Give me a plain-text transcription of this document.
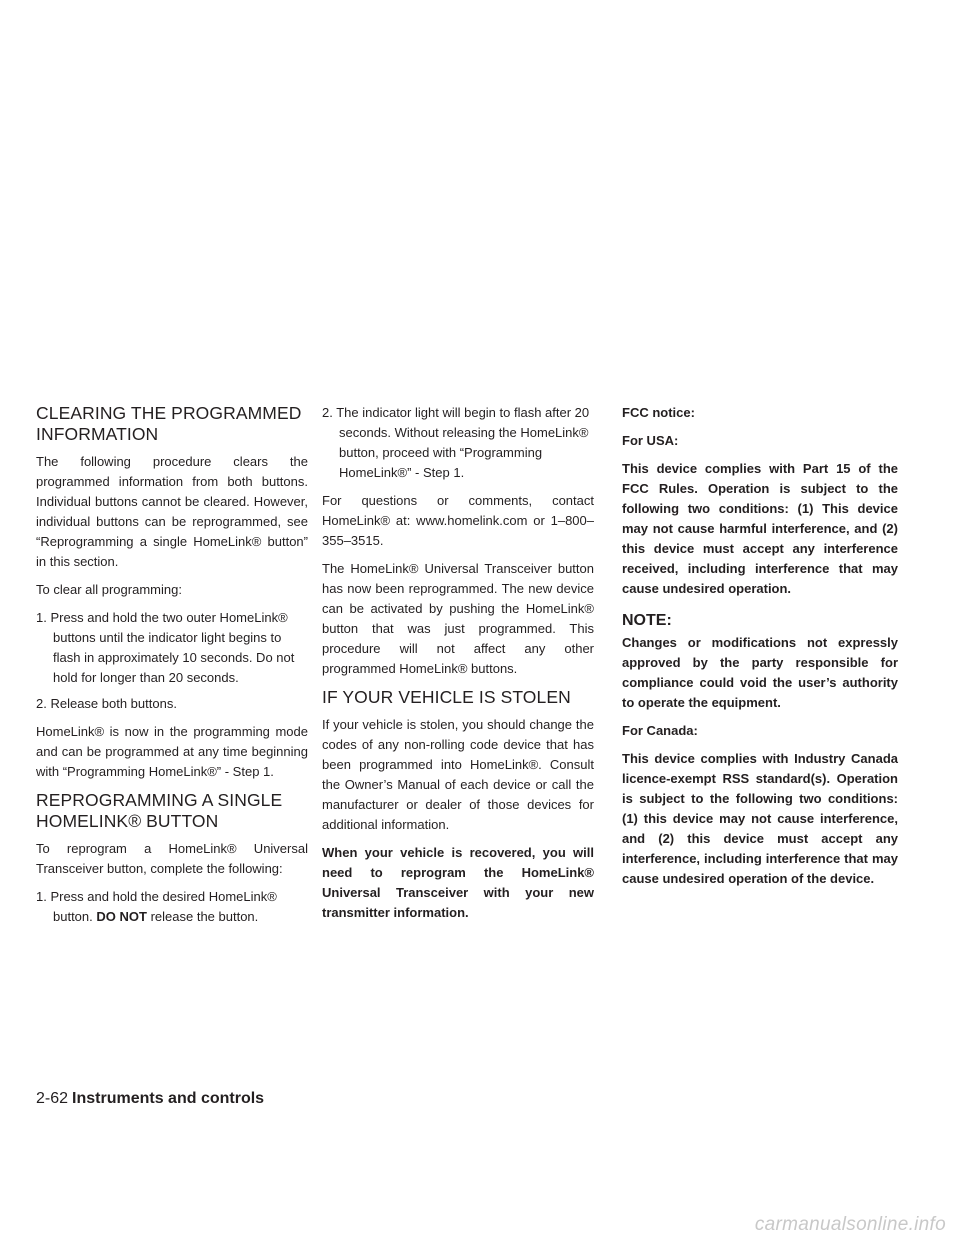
CLEARING THE PROGRAMMED INFORMATION

The following procedure clears the programmed information from both buttons. Individual buttons cannot be cleared. However, individual buttons can be reprogrammed, see “Reprogramming a single HomeLink® button” in this section.

To clear all programming:

1. Press and hold the two outer HomeLink® buttons until the indicator light begins to flash in approximately 10 seconds. Do not hold for longer than 20 seconds.
2. Release both buttons.

HomeLink® is now in the programming mode and can be programmed at any time beginning with “Programming HomeLink®” - Step 1.

REPROGRAMMING A SINGLE HOMELINK® BUTTON

To reprogram a HomeLink® Universal Transceiver button, complete the following:

1. Press and hold the desired HomeLink® button. DO NOT release the button.
2. The indicator light will begin to flash after 20 seconds. Without releasing the HomeLink® button, proceed with “Programming HomeLink®” - Step 1.

For questions or comments, contact HomeLink® at: www.homelink.com or 1–800–355–3515.

The HomeLink® Universal Transceiver button has now been reprogrammed. The new device can be activated by pushing the HomeLink® button that was just programmed. This procedure will not affect any other programmed HomeLink® buttons.

IF YOUR VEHICLE IS STOLEN

If your vehicle is stolen, you should change the codes of any non-rolling code device that has been programmed into HomeLink®. Consult the Owner’s Manual of each device or call the manufacturer or dealer of those devices for additional information.

When your vehicle is recovered, you will need to reprogram the HomeLink® Universal Transceiver with your new transmitter information.

FCC notice:

For USA:

This device complies with Part 15 of the FCC Rules. Operation is subject to the following two conditions: (1) This device may not cause harmful interference, and (2) this device must accept any interference received, including interference that may cause undesired operation.

NOTE:

Changes or modifications not expressly approved by the party responsible for compliance could void the user’s authority to operate the equipment.

For Canada:

This device complies with Industry Canada licence-exempt RSS standard(s). Operation is subject to the following two conditions: (1) this device may not cause interference, and (2) this device must accept any interference, including interference that may cause undesired operation of the device.

2-62 Instruments and controls
carmanualsonline.info
